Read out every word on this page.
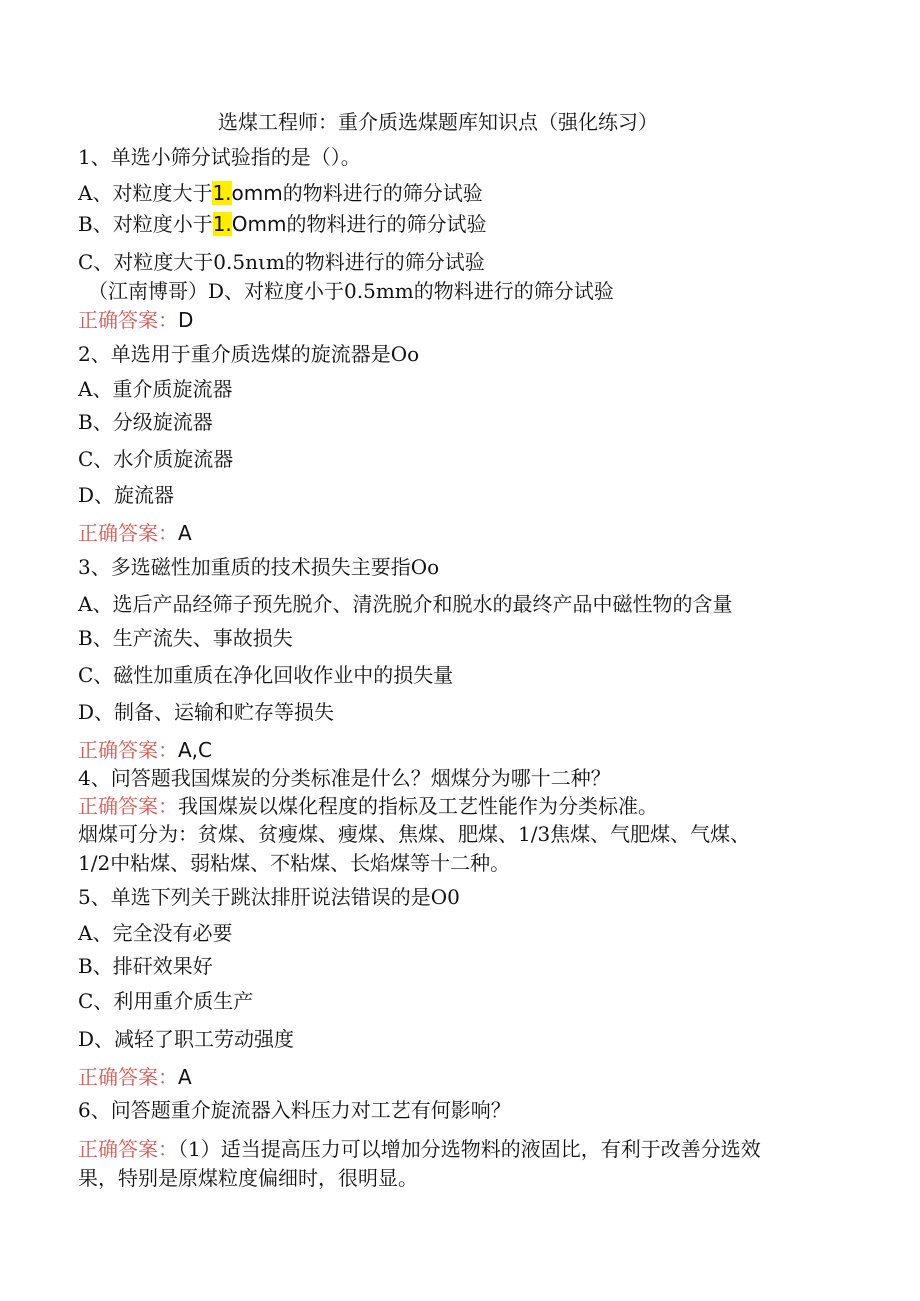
选煤工程师：重介质选煤题库知识点（强化练习）
1、单选小筛分试验指的是（）。
A、对粒度大于1.omm的物料进行的筛分试验
B、对粒度小于1.Omm的物料进行的筛分试验
C、对粒度大于0.5nιm的物料进行的筛分试验
（江南博哥）D、对粒度小于0.5mm的物料进行的筛分试验
正确答案：D
2、单选用于重介质选煤的旋流器是Oo
A、重介质旋流器
B、分级旋流器
C、水介质旋流器
D、旋流器
正确答案：A
3、多选磁性加重质的技术损失主要指Oo
A、选后产品经筛子预先脱介、清洗脱介和脱水的最终产品中磁性物的含量
B、生产流失、事故损失
C、磁性加重质在净化回收作业中的损失量
D、制备、运输和贮存等损失
正确答案：A,C
4、问答题我国煤炭的分类标准是什么？烟煤分为哪十二种？
正确答案：我国煤炭以煤化程度的指标及工艺性能作为分类标准。
烟煤可分为：贫煤、贫瘦煤、瘦煤、焦煤、肥煤、1/3焦煤、气肥煤、气煤、
1/2中粘煤、弱粘煤、不粘煤、长焰煤等十二种。
5、单选下列关于跳汰排肝说法错误的是O0
A、完全没有必要
B、排矸效果好
C、利用重介质生产
D、减轻了职工劳动强度
正确答案：A
6、问答题重介旋流器入料压力对工艺有何影响？
正确答案：（1）适当提高压力可以增加分选物料的液固比，有利于改善分选效
果，特别是原煤粒度偏细时，很明显。
